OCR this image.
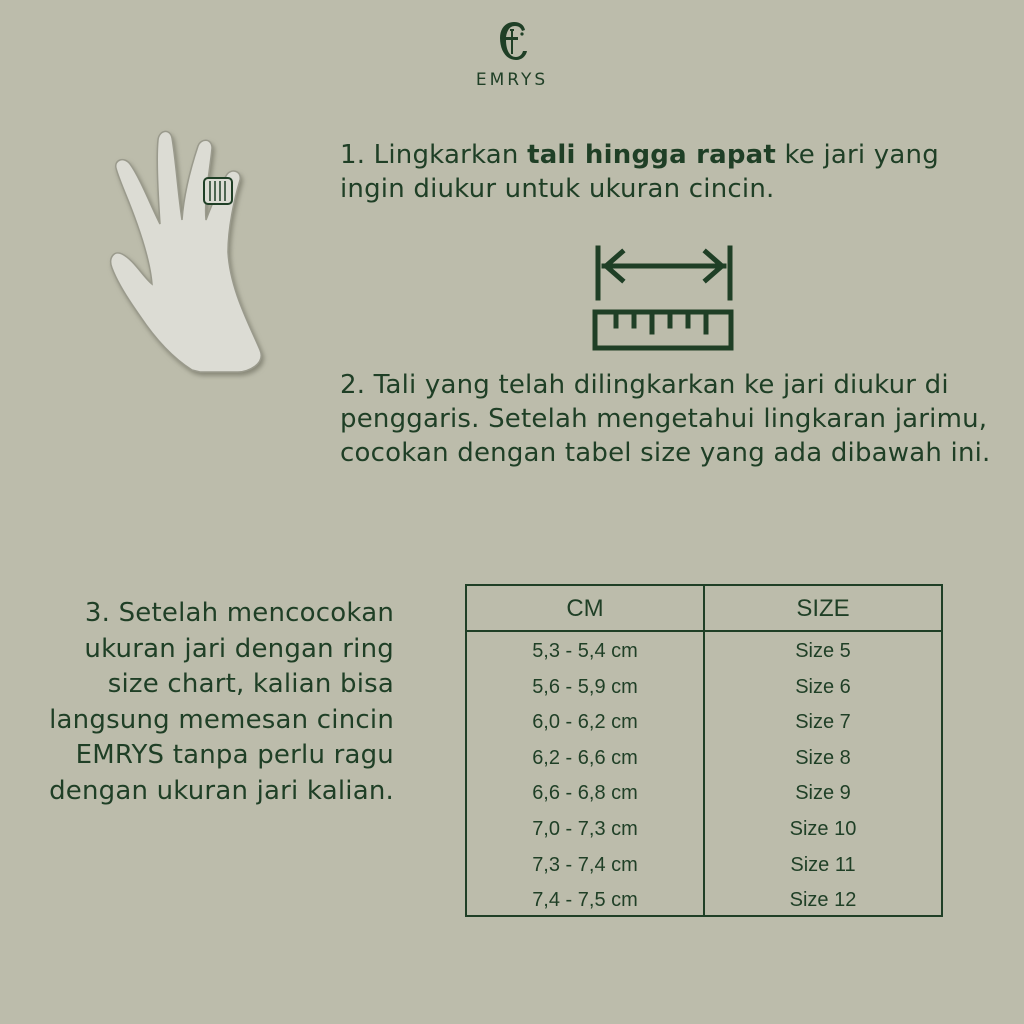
EMRYS
1. Lingkarkan tali hingga rapat ke jari yang ingin diukur untuk ukuran cincin.
2. Tali yang telah dilingkarkan ke jari diukur di penggaris. Setelah mengetahui lingkaran jarimu, cocokan dengan tabel size yang ada dibawah ini.
3. Setelah mencocokan ukuran jari dengan ring size chart, kalian bisa langsung memesan cincin EMRYS tanpa perlu ragu dengan ukuran jari kalian.
CM	SIZE
5,3 - 5,4 cm	Size 5
5,6 - 5,9 cm	Size 6
6,0 - 6,2 cm	Size 7
6,2 - 6,6 cm	Size 8
6,6 - 6,8 cm	Size 9
7,0 - 7,3 cm	Size 10
7,3 - 7,4 cm	Size 11
7,4 - 7,5 cm	Size 12
